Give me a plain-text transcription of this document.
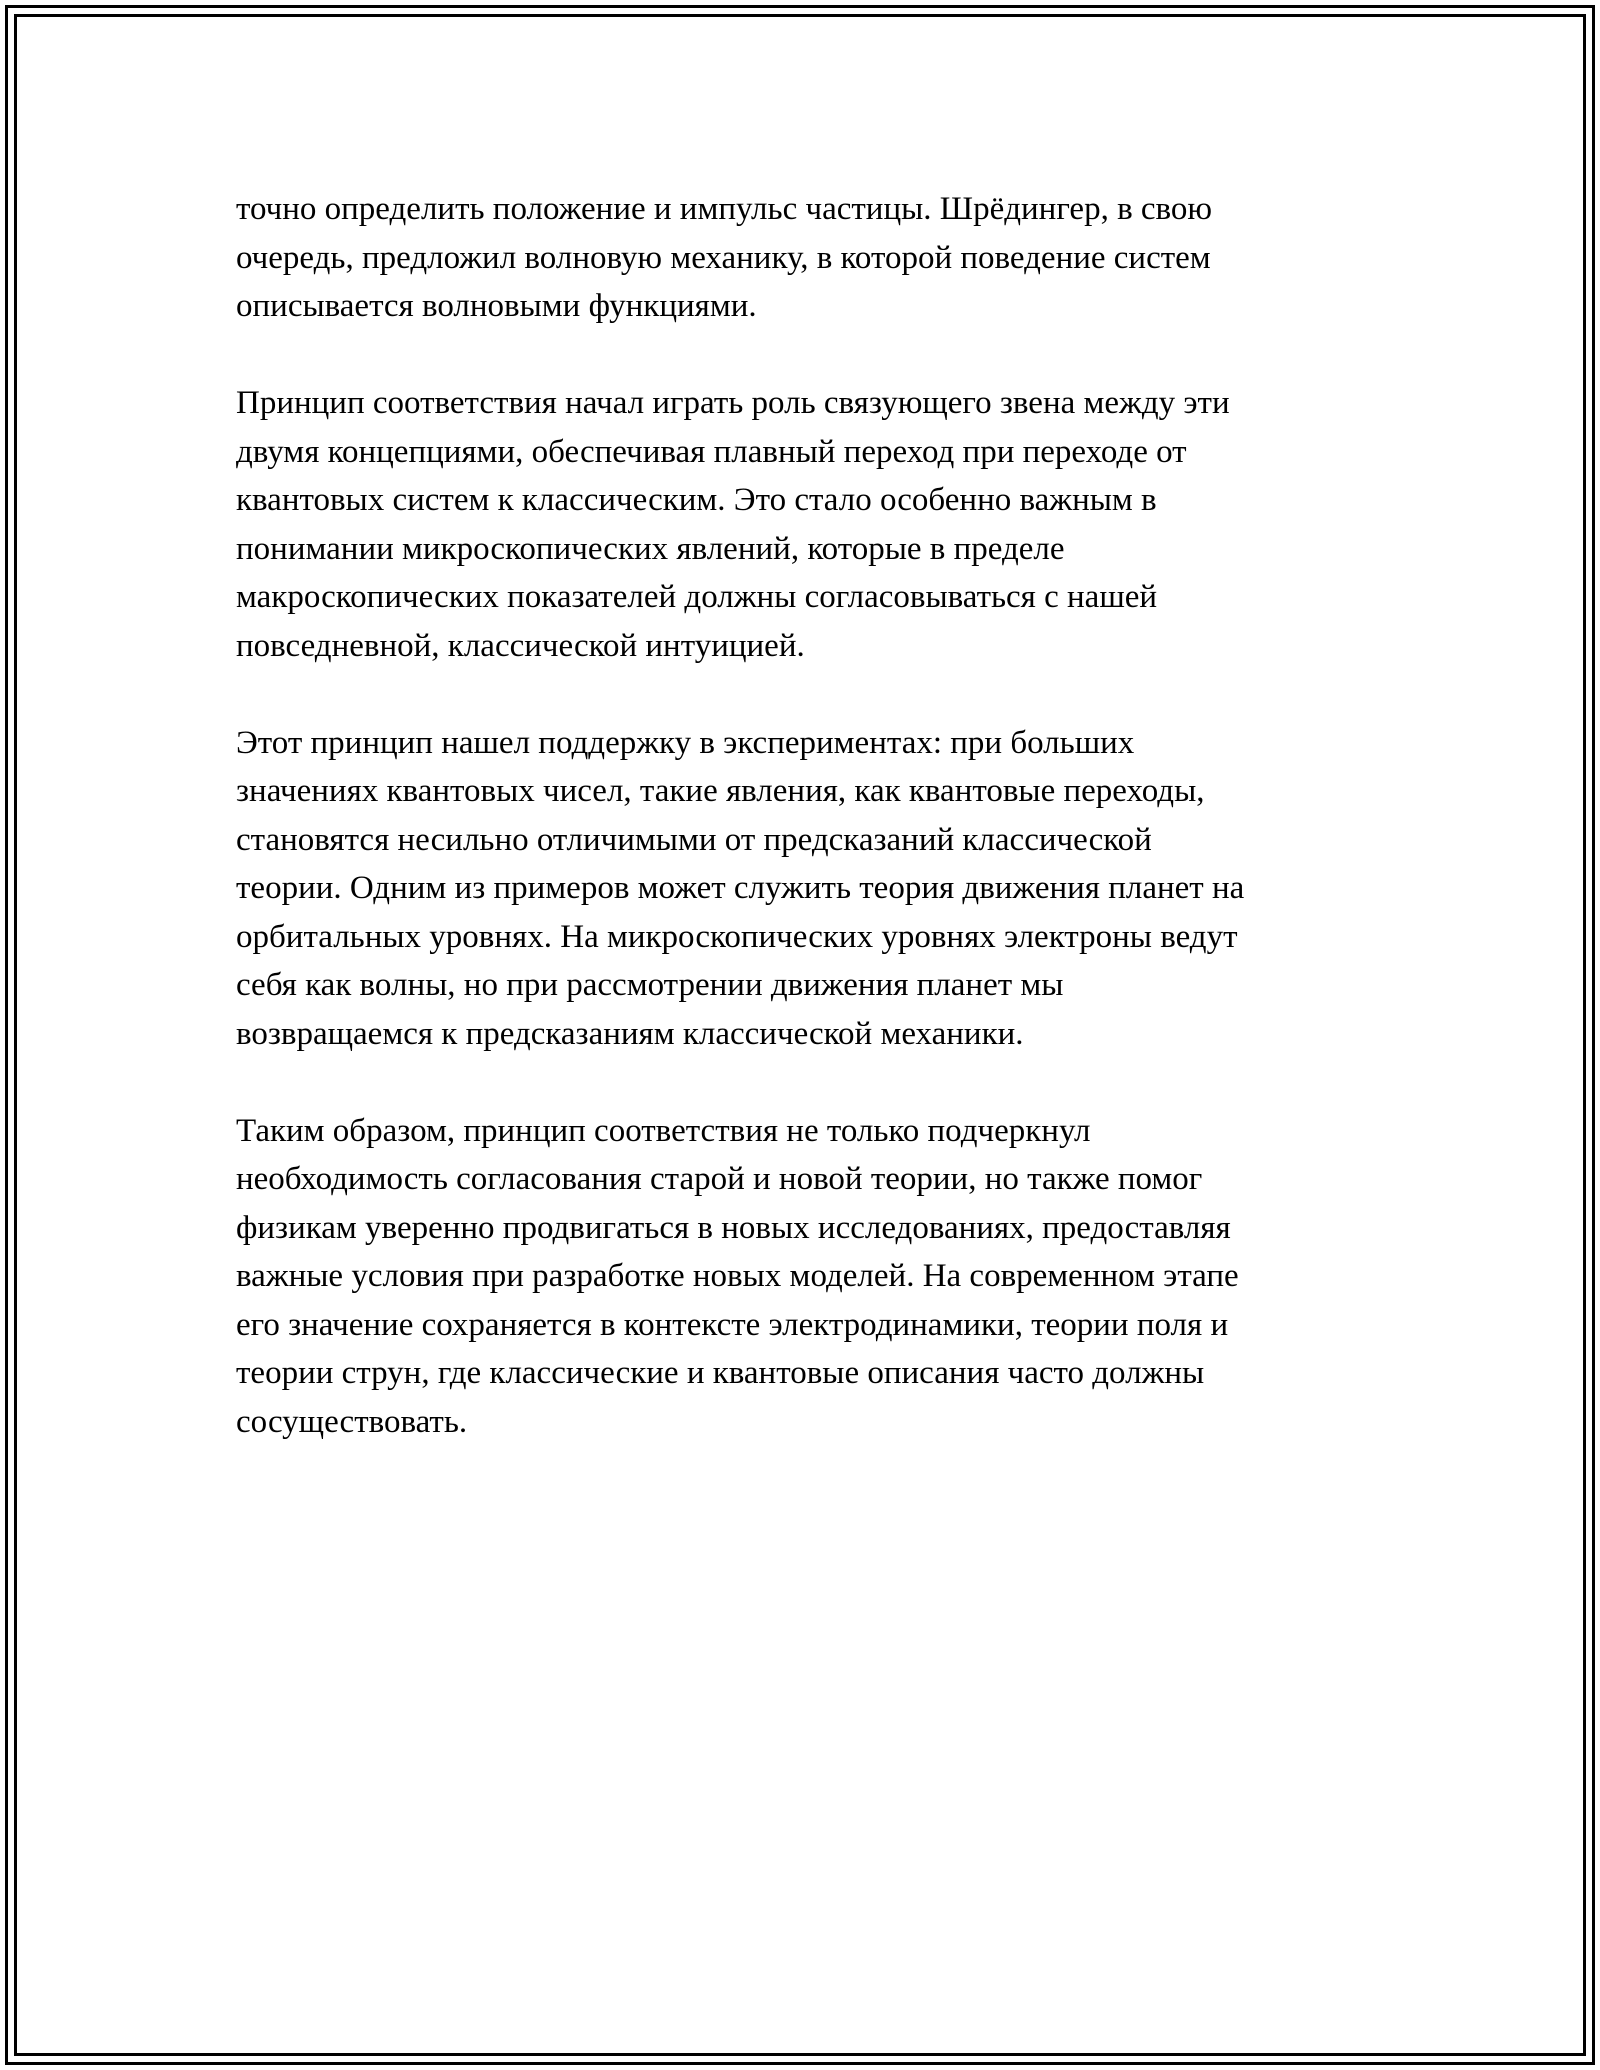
точно определить положение и импульс частицы. Шрёдингер, в свою
очередь, предложил волновую механику, в которой поведение систем
описывается волновыми функциями.

Принцип соответствия начал играть роль связующего звена между эти
двумя концепциями, обеспечивая плавный переход при переходе от
квантовых систем к классическим. Это стало особенно важным в
понимании микроскопических явлений, которые в пределе
макроскопических показателей должны согласовываться с нашей
повседневной, классической интуицией.

Этот принцип нашел поддержку в экспериментах: при больших
значениях квантовых чисел, такие явления, как квантовые переходы,
становятся несильно отличимыми от предсказаний классической
теории. Одним из примеров может служить теория движения планет на
орбитальных уровнях. На микроскопических уровнях электроны ведут
себя как волны, но при рассмотрении движения планет мы
возвращаемся к предсказаниям классической механики.

Таким образом, принцип соответствия не только подчеркнул
необходимость согласования старой и новой теории, но также помог
физикам уверенно продвигаться в новых исследованиях, предоставляя
важные условия при разработке новых моделей. На современном этапе
его значение сохраняется в контексте электродинамики, теории поля и
теории струн, где классические и квантовые описания часто должны
сосуществовать.
